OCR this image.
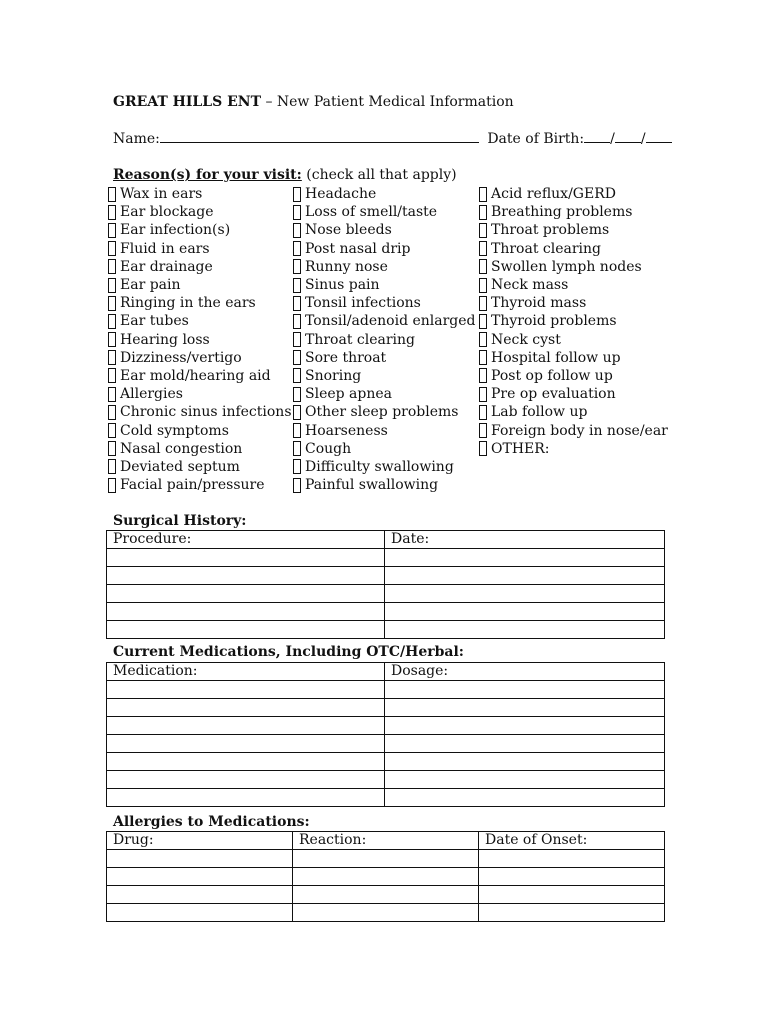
GREAT HILLS ENT – New Patient Medical Information
Name:	Date of Birth: / /
Reason(s) for your visit: (check all that apply)
Wax in ears
Ear blockage
Ear infection(s)
Fluid in ears
Ear drainage
Ear pain
Ringing in the ears
Ear tubes
Hearing loss
Dizziness/vertigo
Ear mold/hearing aid
Allergies
Chronic sinus infections
Cold symptoms
Nasal congestion
Deviated septum
Facial pain/pressure
Headache
Loss of smell/taste
Nose bleeds
Post nasal drip
Runny nose
Sinus pain
Tonsil infections
Tonsil/adenoid enlarged
Throat clearing
Sore throat
Snoring
Sleep apnea
Other sleep problems
Hoarseness
Cough
Difficulty swallowing
Painful swallowing
Acid reflux/GERD
Breathing problems
Throat problems
Throat clearing
Swollen lymph nodes
Neck mass
Thyroid mass
Thyroid problems
Neck cyst
Hospital follow up
Post op follow up
Pre op evaluation
Lab follow up
Foreign body in nose/ear
OTHER:
Surgical History:
Procedure:	Date:

Current Medications, Including OTC/Herbal:
Medication:	Dosage:

Allergies to Medications:
Drug:	Reaction:	Date of Onset:
